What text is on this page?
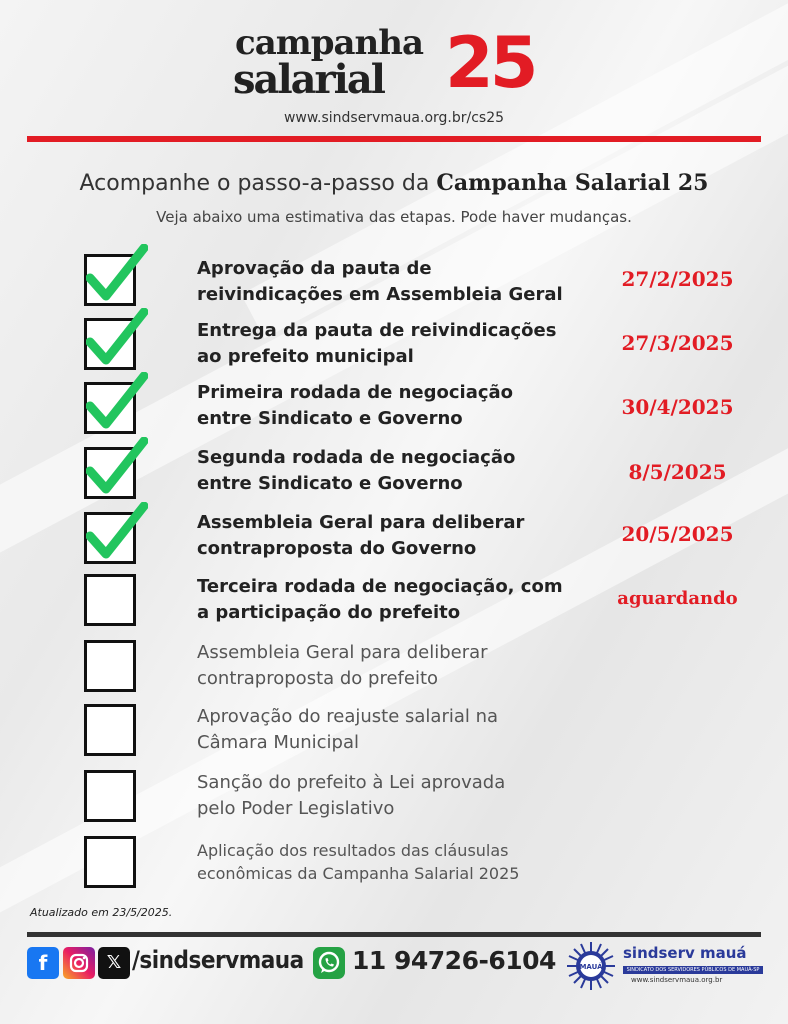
campanha
salarial 25
www.sindservmaua.org.br/cs25
Acompanhe o passo-a-passo da Campanha Salarial 25
Veja abaixo uma estimativa das etapas. Pode haver mudanças.
Aprovação da pauta de
reivindicações em Assembleia Geral
27/2/2025
Entrega da pauta de reivindicações
ao prefeito municipal
27/3/2025
Primeira rodada de negociação
entre Sindicato e Governo	30/4/2025
Segunda rodada de negociação
entre Sindicato e Governo	8/5/2025
Assembleia Geral para deliberar
contraproposta do Governo
20/5/2025
Terceira rodada de negociação, com
a participação do prefeito
aguardando
Assembleia Geral para deliberar
contraproposta do prefeito
Aprovação do reajuste salarial na
Câmara Municipal
Sanção do prefeito à Lei aprovada
pelo Poder Legislativo
Aplicação dos resultados das cláusulas
econômicas da Campanha Salarial 2025
Atualizado em 23/5/2025.
f	𝕏 /sindservmaua 11 94726-6104	MAUÁ
sindserv mauá
SINDICATO DOS SERVIDORES PÚBLICOS DE MAUÁ-SP
www.sindservmaua.org.br
